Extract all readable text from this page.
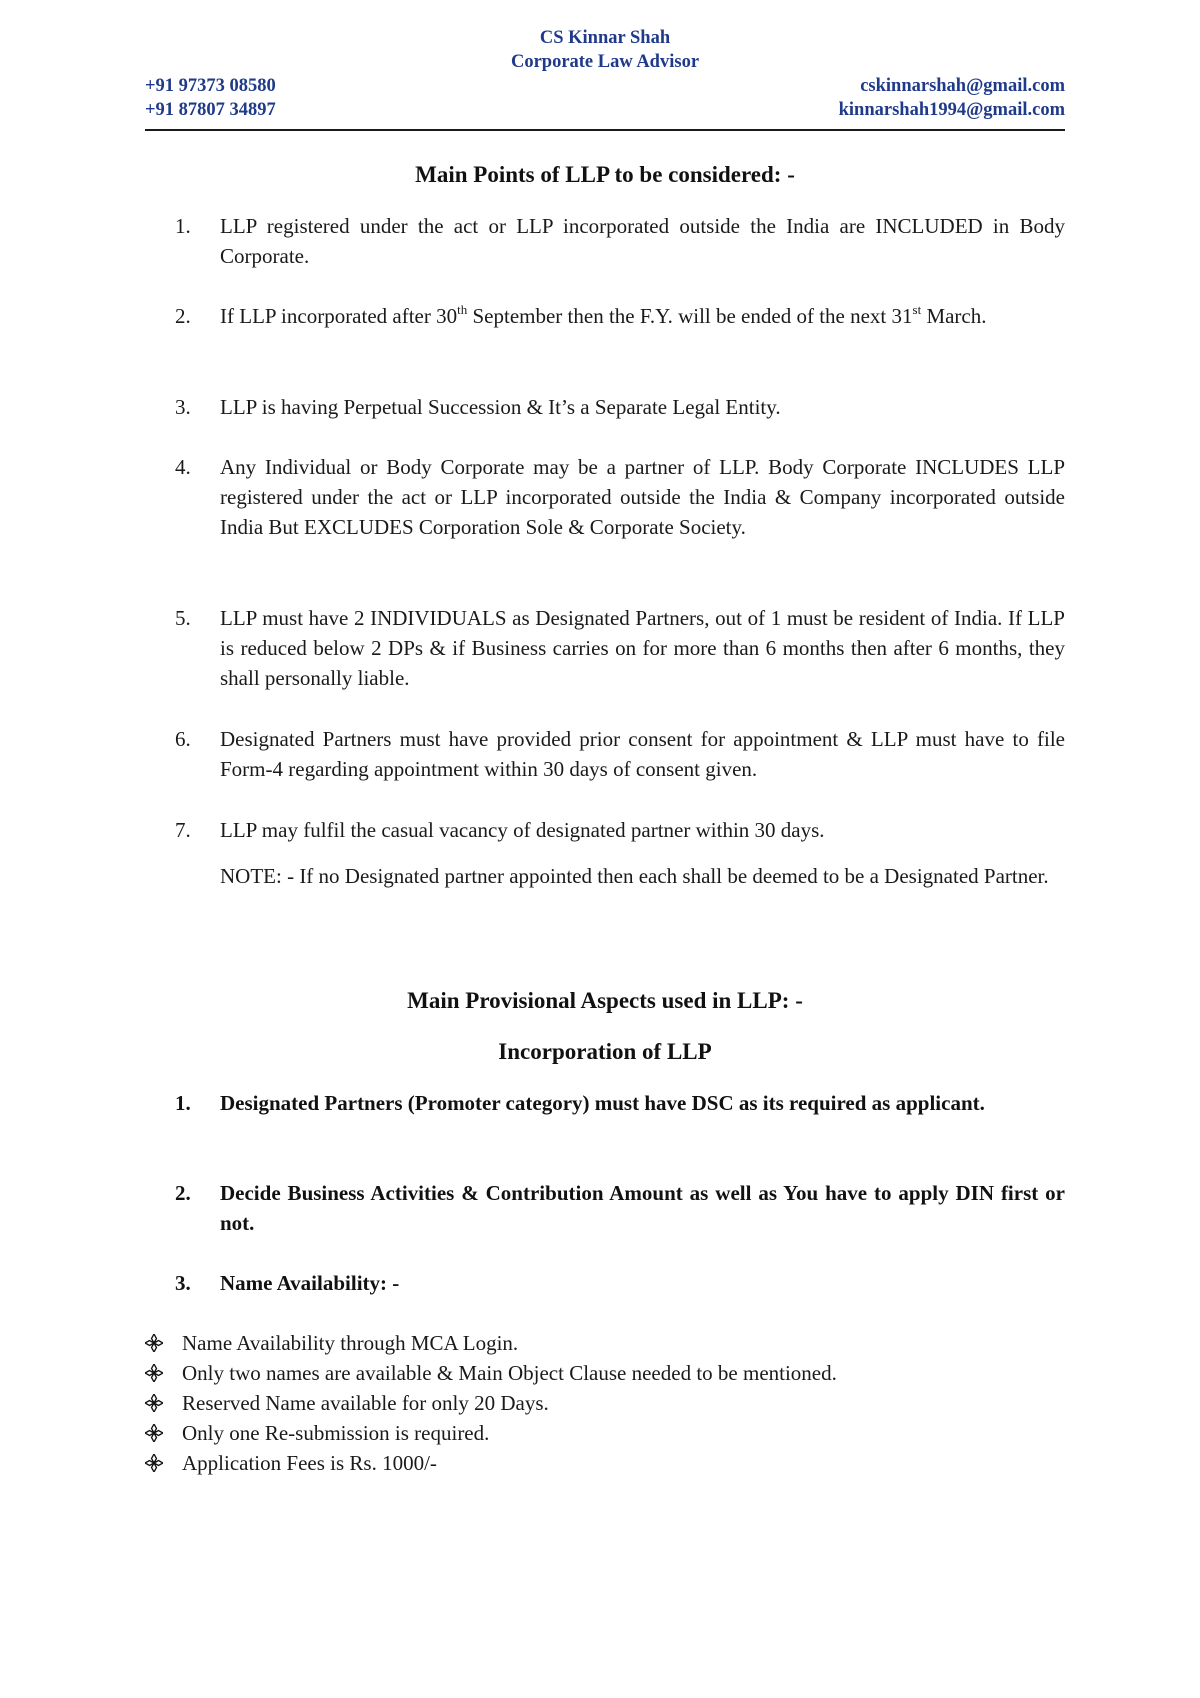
CS Kinnar Shah
Corporate Law Advisor
+91 97373 08580	cskinnarshah@gmail.com
+91 87807 34897	kinnarshah1994@gmail.com
Main Points of LLP to be considered: -
1.	LLP registered under the act or LLP incorporated outside the India are INCLUDED in Body Corporate.
2.	If LLP incorporated after 30th September then the F.Y. will be ended of the next 31st March.
3.	LLP is having Perpetual Succession & It’s a Separate Legal Entity.
4.	Any Individual or Body Corporate may be a partner of LLP. Body Corporate INCLUDES LLP registered under the act or LLP incorporated outside the India & Company incorporated outside India But EXCLUDES Corporation Sole & Corporate Society.
5.	LLP must have 2 INDIVIDUALS as Designated Partners, out of 1 must be resident of India. If LLP is reduced below 2 DPs & if Business carries on for more than 6 months then after 6 months, they shall personally liable.
6.	Designated Partners must have provided prior consent for appointment & LLP must have to file Form-4 regarding appointment within 30 days of consent given.
7.	LLP may fulfil the casual vacancy of designated partner within 30 days.
NOTE: - If no Designated partner appointed then each shall be deemed to be a Designated Partner.
Main Provisional Aspects used in LLP: -
Incorporation of LLP
1.	Designated Partners (Promoter category) must have DSC as its required as applicant.
2.	Decide Business Activities & Contribution Amount as well as You have to apply DIN first or not.
3.	Name Availability: -
Name Availability through MCA Login.
Only two names are available & Main Object Clause needed to be mentioned.
Reserved Name available for only 20 Days.
Only one Re-submission is required.
Application Fees is Rs. 1000/-
